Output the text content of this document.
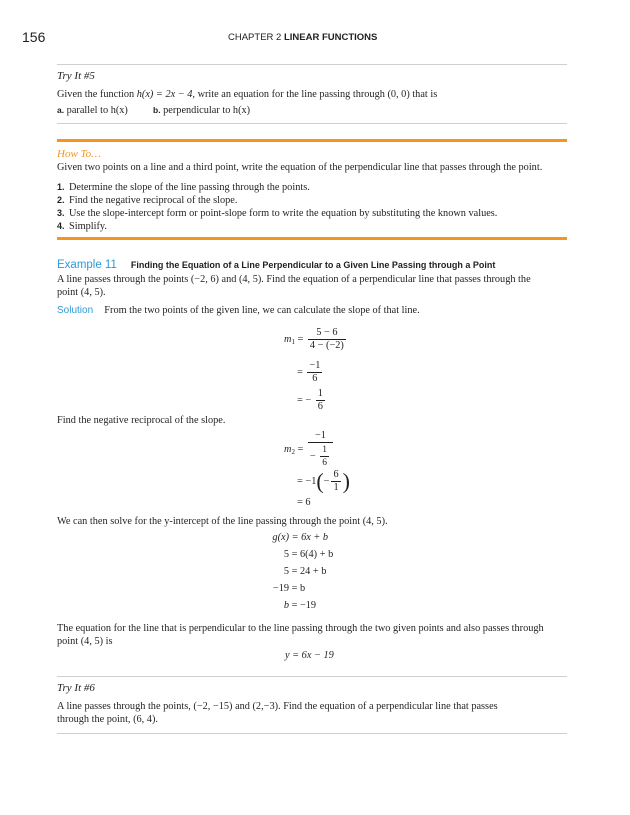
156	CHAPTER 2 LINEAR FUNCTIONS
Try It #5
Given the function h(x) = 2x − 4, write an equation for the line passing through (0, 0) that is
a. parallel to h(x)	b. perpendicular to h(x)
How To…
Given two points on a line and a third point, write the equation of the perpendicular line that passes through the point.
1. Determine the slope of the line passing through the points.
2. Find the negative reciprocal of the slope.
3. Use the slope-intercept form or point-slope form to write the equation by substituting the known values.
4. Simplify.
Example 11 Finding the Equation of a Line Perpendicular to a Given Line Passing through a Point
A line passes through the points (−2, 6) and (4, 5). Find the equation of a perpendicular line that passes through the
point (4, 5).
Solution From the two points of the given line, we can calculate the slope of that line.
$m_1 = \frac{5 - 6}{4 - (-2)}$
= $\frac{-1}{6}$
= − $\frac{1}{6}$
Find the negative reciprocal of the slope.
$m_2 = \frac{-1}{- \frac{1}{6}}$
= $-1(- \frac{6}{1}$ )
= 6
We can then solve for the y-intercept of the line passing through the point (4, 5).
g(x) = 6x + b
5 = 6(4) + b
5 = 24 + b
−19 = b
b = −19
The equation for the line that is perpendicular to the line passing through the two given points and also passes through
point (4, 5) is
y = 6x − 19
Try It #6
A line passes through the points, (−2, −15) and (2,−3). Find the equation of a perpendicular line that passes
through the point, (6, 4).
